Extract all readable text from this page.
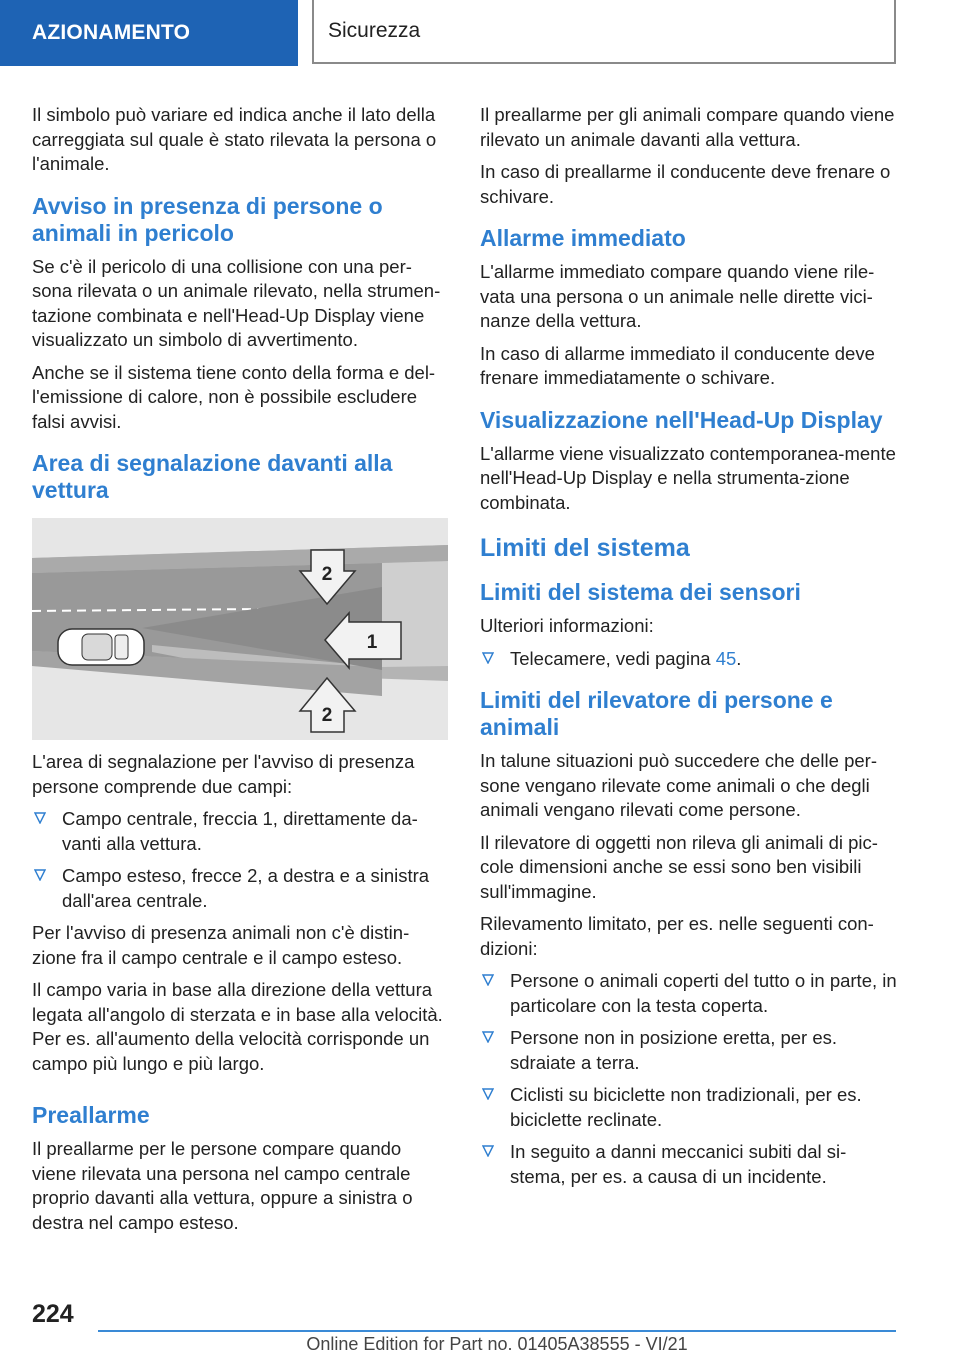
AZIONAMENTO	Sicurezza

Il simbolo può variare ed indica anche il lato della carreggiata sul quale è stato rilevata la persona o l'animale.

Avviso in presenza di persone o animali in pericolo

Se c'è il pericolo di una collisione con una per-sona rilevata o un animale rilevato, nella strumen-tazione combinata e nell'Head-Up Display viene visualizzato un simbolo di avvertimento.

Anche se il sistema tiene conto della forma e del-l'emissione di calore, non è possibile escludere falsi avvisi.

Area di segnalazione davanti alla vettura
2
1
2

L'area di segnalazione per l'avviso di presenza persone comprende due campi:

Campo centrale, freccia 1, direttamente da-vanti alla vettura.
Campo esteso, frecce 2, a destra e a sinistra dall'area centrale.

Per l'avviso di presenza animali non c'è distin-zione fra il campo centrale e il campo esteso.

Il campo varia in base alla direzione della vettura legata all'angolo di sterzata e in base alla velocità. Per es. all'aumento della velocità corrisponde un campo più lungo e più largo.

Preallarme

Il preallarme per le persone compare quando viene rilevata una persona nel campo centrale proprio davanti alla vettura, oppure a sinistra o destra nel campo esteso.

Il preallarme per gli animali compare quando viene rilevato un animale davanti alla vettura.

In caso di preallarme il conducente deve frenare o schivare.

Allarme immediato

L'allarme immediato compare quando viene rile-vata una persona o un animale nelle dirette vici-nanze della vettura.

In caso di allarme immediato il conducente deve frenare immediatamente o schivare.

Visualizzazione nell'Head-Up Display

L'allarme viene visualizzato contemporanea-mente nell'Head-Up Display e nella strumenta-zione combinata.

Limiti del sistema
Limiti del sistema dei sensori

Ulteriori informazioni:

Telecamere, vedi pagina 45.
Limiti del rilevatore di persone e animali

In talune situazioni può succedere che delle per-sone vengano rilevate come animali o che degli animali vengano rilevati come persone.

Il rilevatore di oggetti non rileva gli animali di pic-cole dimensioni anche se essi sono ben visibili sull'immagine.

Rilevamento limitato, per es. nelle seguenti con-dizioni:

Persone o animali coperti del tutto o in parte, in particolare con la testa coperta.
Persone non in posizione eretta, per es. sdraiate a terra.
Ciclisti su biciclette non tradizionali, per es. biciclette reclinate.
In seguito a danni meccanici subiti dal si-stema, per es. a causa di un incidente.
224
Online Edition for Part no. 01405A38555 - VI/21
